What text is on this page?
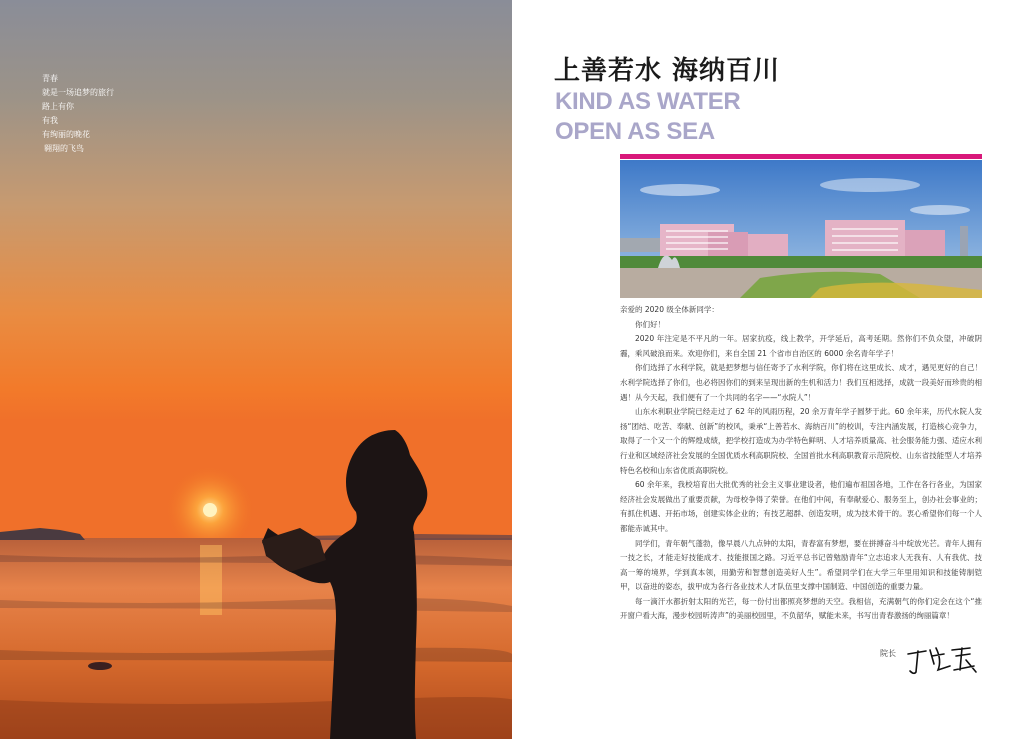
青春
就是一场追梦的旅行
路上有你
有我
有绚丽的晚花
翱翔的飞鸟
上善若水 海纳百川
KIND AS WATER
OPEN AS SEA

亲爱的 2020 级全体新同学：

你们好！

2020 年注定是不平凡的一年。居家抗疫，线上教学，开学延后，高考延期。然你们不负众望，冲破阴霾，乘风破浪而来。欢迎你们，来自全国 21 个省市自治区的 6000 余名青年学子！

你们选择了水利学院，就是把梦想与信任寄予了水利学院，你们将在这里成长、成才，遇见更好的自己！水利学院选择了你们，也必将因你们的到来呈现出新的生机和活力！我们互相选择，成就一段美好而珍贵的相遇！从今天起，我们便有了一个共同的名字——“水院人”！

山东水利职业学院已经走过了 62 年的风雨历程，20 余万青年学子圆梦于此。60 余年来，历代水院人发扬“团结、吃苦、奉献、创新”的校风，秉承“上善若水、海纳百川”的校训，专注内涵发展，打造核心竞争力，取得了一个又一个的辉煌成绩，把学校打造成为办学特色鲜明、人才培养质量高、社会服务能力强、适应水利行业和区域经济社会发展的全国优质水利高职院校、全国首批水利高职教育示范院校、山东省技能型人才培养特色名校和山东省优质高职院校。

60 余年来，我校培育出大批优秀的社会主义事业建设者，他们遍布祖国各地，工作在各行各业，为国家经济社会发展做出了重要贡献，为母校争得了荣誉。在他们中间，有奉献爱心、服务至上，创办社会事业的；有抓住机遇、开拓市场，创建实体企业的；有技艺超群、创造发明，成为技术骨干的。衷心希望你们每一个人都能赤诚其中。

同学们，青年朝气蓬勃，像早晨八九点钟的太阳，青春富有梦想，要在拼搏奋斗中绽放光芒。青年人拥有一技之长，才能走好技能成才、技能报国之路。习近平总书记曾勉励青年“立志追求人无我有、人有我优、技高一筹的境界，学到真本领，用勤劳和智慧创造美好人生”。希望同学们在大学三年里用知识和技能铸制铠甲，以奋进的姿态，拔甲成为各行各业技术人才队伍里支撑中国制造、中国创造的重要力量。

每一滴汗水都折射太阳的光芒，每一份付出都照亮梦想的天空。我相信，充满朝气的你们定会在这个“推开窗户看大海，漫步校园听涛声”的美丽校园里，不负韶华，赋能未来，书写出青春激扬的绚丽篇章！

院长
